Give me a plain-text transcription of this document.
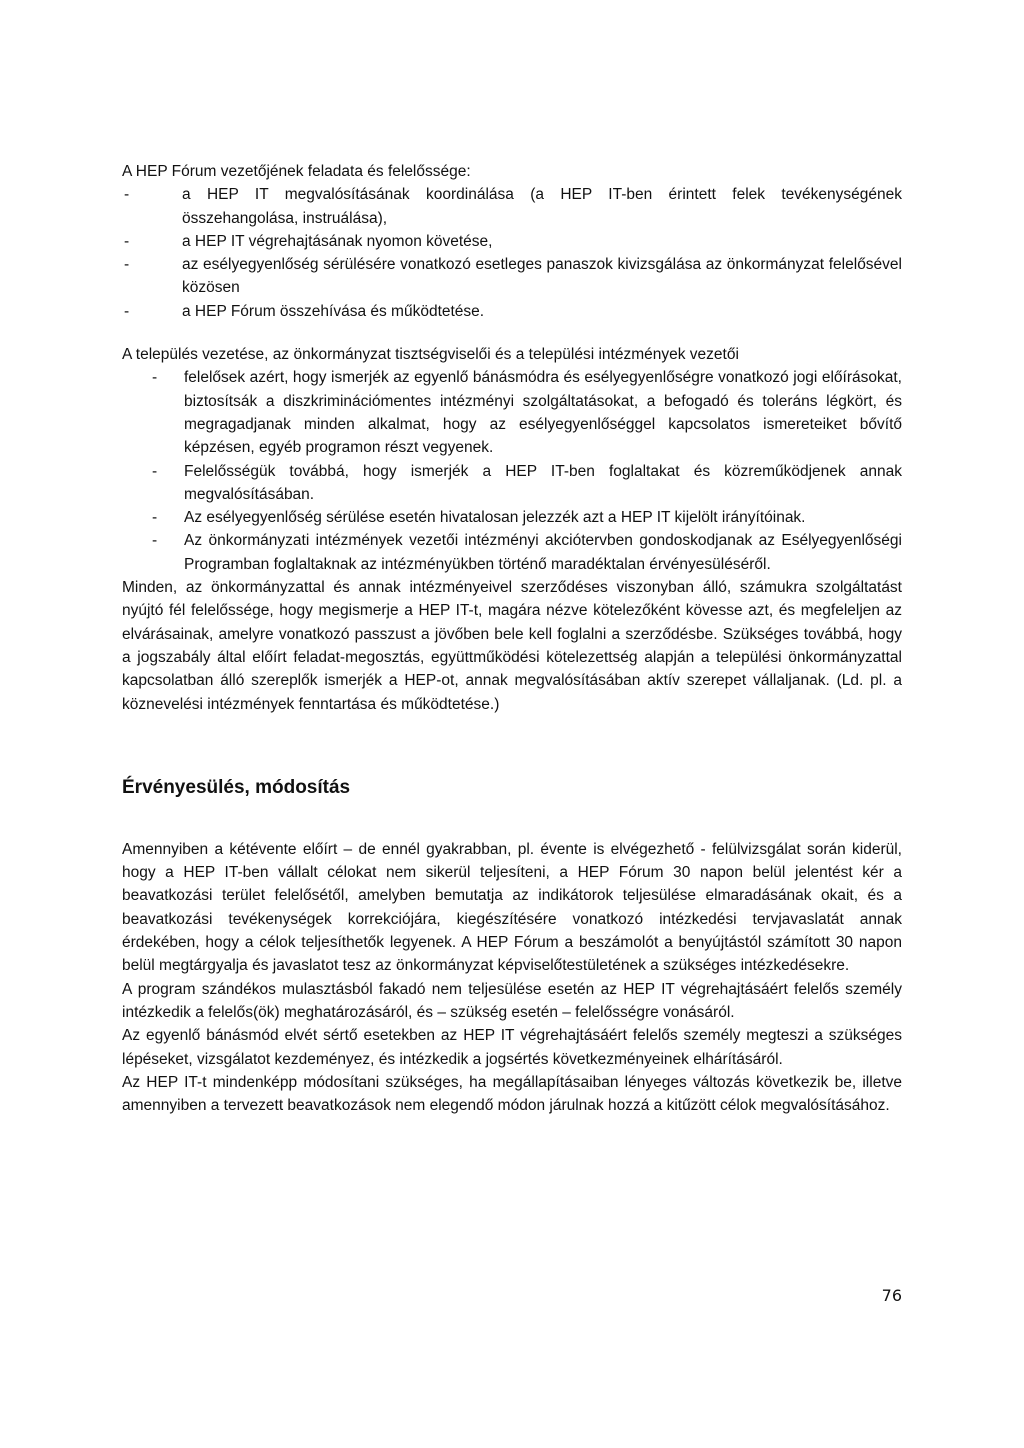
A HEP Fórum vezetőjének feladata és felelőssége:

- a HEP IT megvalósításának koordinálása (a HEP IT-ben érintett felek tevékenységének összehangolása, instruálása),
- a HEP IT végrehajtásának nyomon követése,
- az esélyegyenlőség sérülésére vonatkozó esetleges panaszok kivizsgálása az önkormányzat felelősével közösen
- a HEP Fórum összehívása és működtetése.

A település vezetése, az önkormányzat tisztségviselői és a települési intézmények vezetői

- felelősek azért, hogy ismerjék az egyenlő bánásmódra és esélyegyenlőségre vonatkozó jogi előírásokat, biztosítsák a diszkriminációmentes intézményi szolgáltatásokat, a befogadó és toleráns légkört, és megragadjanak minden alkalmat, hogy az esélyegyenlőséggel kapcsolatos ismereteiket bővítő képzésen, egyéb programon részt vegyenek.
- Felelősségük továbbá, hogy ismerjék a HEP IT-ben foglaltakat és közreműködjenek annak megvalósításában.
- Az esélyegyenlőség sérülése esetén hivatalosan jelezzék azt a HEP IT kijelölt irányítóinak.
- Az önkormányzati intézmények vezetői intézményi akciótervben gondoskodjanak az Esélyegyenlőségi Programban foglaltaknak az intézményükben történő maradéktalan érvényesüléséről.

Minden, az önkormányzattal és annak intézményeivel szerződéses viszonyban álló, számukra szolgáltatást nyújtó fél felelőssége, hogy megismerje a HEP IT-t, magára nézve kötelezőként kövesse azt, és megfeleljen az elvárásainak, amelyre vonatkozó passzust a jövőben bele kell foglalni a szerződésbe. Szükséges továbbá, hogy a jogszabály által előírt feladat-megosztás, együttműködési kötelezettség alapján a települési önkormányzattal kapcsolatban álló szereplők ismerjék a HEP-ot, annak megvalósításában aktív szerepet vállaljanak. (Ld. pl. a köznevelési intézmények fenntartása és működtetése.)

Érvényesülés, módosítás

Amennyiben a kétévente előírt – de ennél gyakrabban, pl. évente is elvégezhető - felülvizsgálat során kiderül, hogy a HEP IT-ben vállalt célokat nem sikerül teljesíteni, a HEP Fórum 30 napon belül jelentést kér a beavatkozási terület felelősétől, amelyben bemutatja az indikátorok teljesülése elmaradásának okait, és a beavatkozási tevékenységek korrekciójára, kiegészítésére vonatkozó intézkedési tervjavaslatát annak érdekében, hogy a célok teljesíthetők legyenek. A HEP Fórum a beszámolót a benyújtástól számított 30 napon belül megtárgyalja és javaslatot tesz az önkormányzat képviselőtestületének a szükséges intézkedésekre.

A program szándékos mulasztásból fakadó nem teljesülése esetén az HEP IT végrehajtásáért felelős személy intézkedik a felelős(ök) meghatározásáról, és – szükség esetén – felelősségre vonásáról.

Az egyenlő bánásmód elvét sértő esetekben az HEP IT végrehajtásáért felelős személy megteszi a szükséges lépéseket, vizsgálatot kezdeményez, és intézkedik a jogsértés következményeinek elhárításáról.

Az HEP IT-t mindenképp módosítani szükséges, ha megállapításaiban lényeges változás következik be, illetve amennyiben a tervezett beavatkozások nem elegendő módon járulnak hozzá a kitűzött célok megvalósításához.

76
